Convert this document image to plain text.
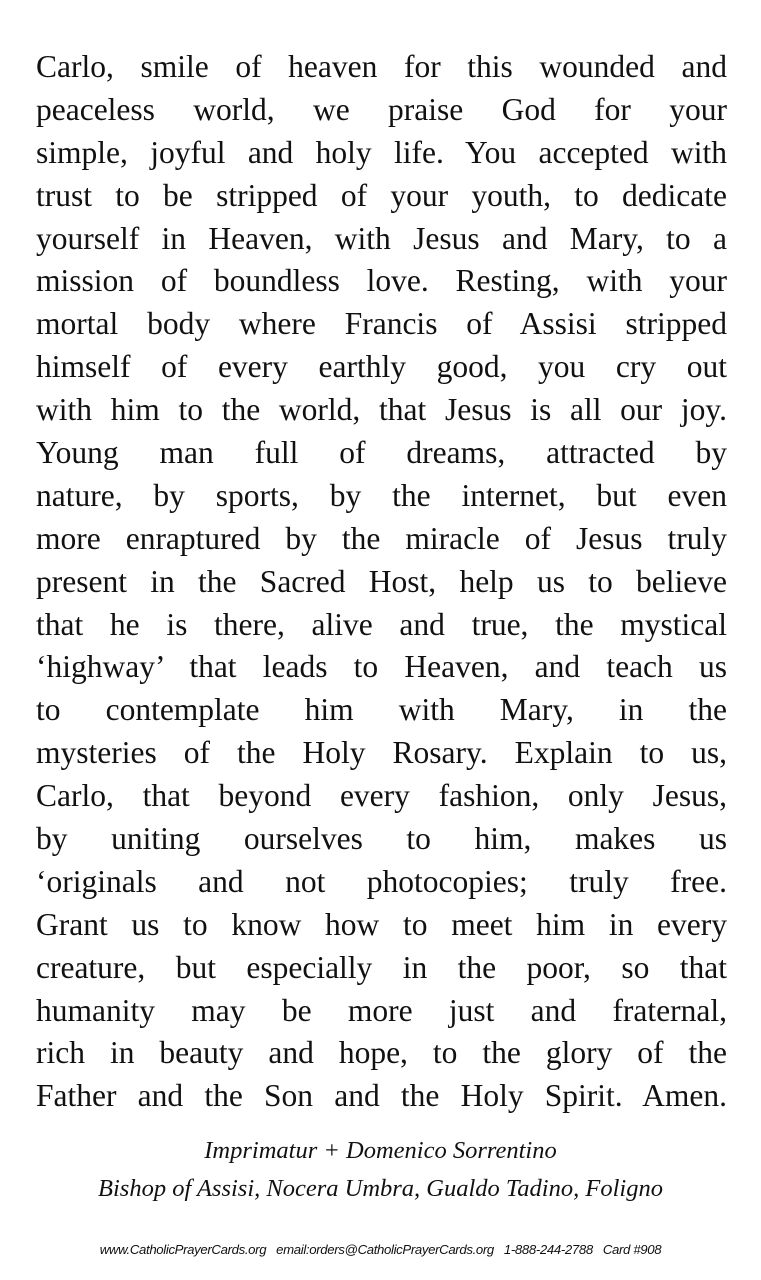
Carlo, smile of heaven for this wounded and
peaceless world, we praise God for your
simple, joyful and holy life. You accepted with
trust to be stripped of your youth, to dedicate
yourself in Heaven, with Jesus and Mary, to a
mission of boundless love. Resting, with your
mortal body where Francis of Assisi stripped
himself of every earthly good, you cry out
with him to the world, that Jesus is all our joy.
Young man full of dreams, attracted by
nature, by sports, by the internet, but even
more enraptured by the miracle of Jesus truly
present in the Sacred Host, help us to believe
that he is there, alive and true, the mystical
‘highway’ that leads to Heaven, and teach us
to contemplate him with Mary, in the
mysteries of the Holy Rosary. Explain to us,
Carlo, that beyond every fashion, only Jesus,
by uniting ourselves to him, makes us
‘originals and not photocopies; truly free.
Grant us to know how to meet him in every
creature, but especially in the poor, so that
humanity may be more just and fraternal,
rich in beauty and hope, to the glory of the
Father and the Son and the Holy Spirit. Amen.
Imprimatur + Domenico Sorrentino
Bishop of Assisi, Nocera Umbra, Gualdo Tadino, Foligno
www.CatholicPrayerCards.org email:orders@CatholicPrayerCards.org 1-888-244-2788 Card #908
